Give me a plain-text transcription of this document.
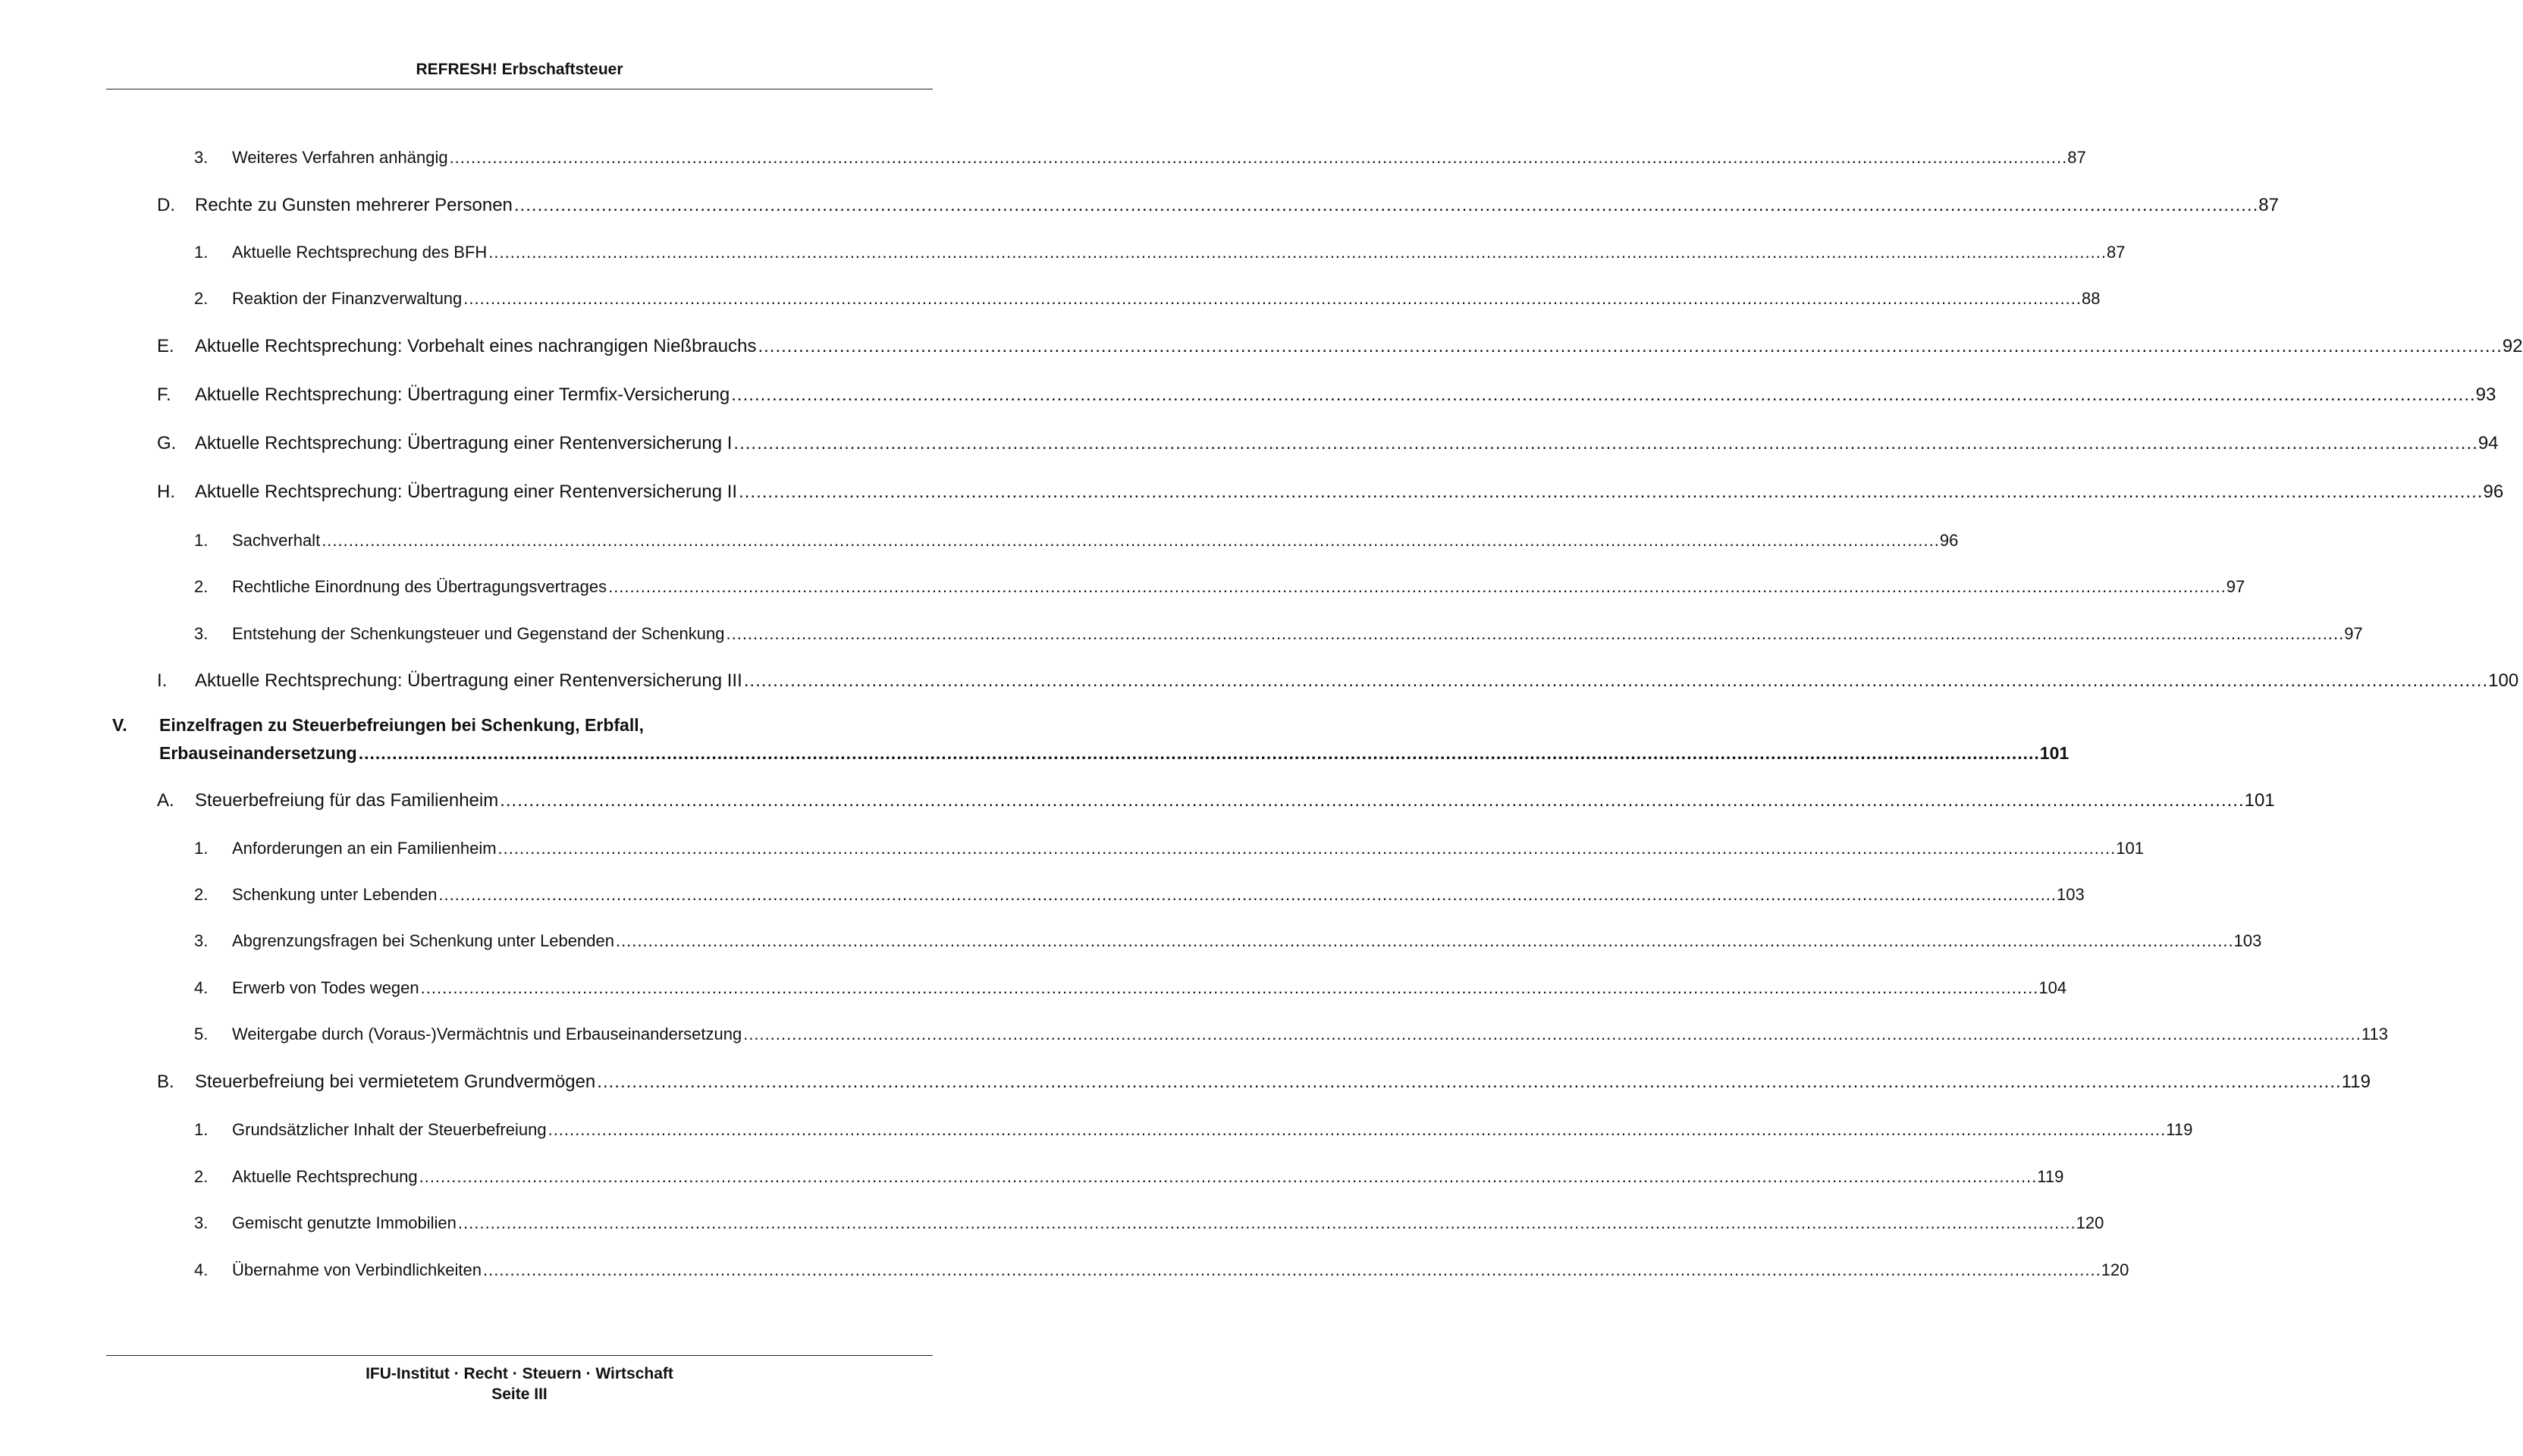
REFRESH! Erbschaftsteuer
3.	Weiteres Verfahren anhängig ............................................................................................................................................................................................................................................................................................................ 87
D.	Rechte zu Gunsten mehrerer Personen ............................................................................................................................................................................................................................................................................................................ 87
1.	Aktuelle Rechtsprechung des BFH ............................................................................................................................................................................................................................................................................................................ 87
2.	Reaktion der Finanzverwaltung ............................................................................................................................................................................................................................................................................................................ 88
E.	Aktuelle Rechtsprechung: Vorbehalt eines nachrangigen Nießbrauchs ............................................................................................................................................................................................................................................................................................................ 92
F.	Aktuelle Rechtsprechung: Übertragung einer Termfix-Versicherung ............................................................................................................................................................................................................................................................................................................ 93
G.	Aktuelle Rechtsprechung: Übertragung einer Rentenversicherung I ............................................................................................................................................................................................................................................................................................................ 94
H.	Aktuelle Rechtsprechung: Übertragung einer Rentenversicherung II ............................................................................................................................................................................................................................................................................................................ 96
1.	Sachverhalt ............................................................................................................................................................................................................................................................................................................ 96
2.	Rechtliche Einordnung des Übertragungsvertrages ............................................................................................................................................................................................................................................................................................................ 97
3.	Entstehung der Schenkungsteuer und Gegenstand der Schenkung ............................................................................................................................................................................................................................................................................................................ 97
I.	Aktuelle Rechtsprechung: Übertragung einer Rentenversicherung III ............................................................................................................................................................................................................................................................................................................ 100
V. Einzelfragen zu Steuerbefreiungen bei Schenkung, Erbfall,
Erbauseinandersetzung ............................................................................................................................................................................................................................................................................................................ 101
A.	Steuerbefreiung für das Familienheim ............................................................................................................................................................................................................................................................................................................ 101
1.	Anforderungen an ein Familienheim ............................................................................................................................................................................................................................................................................................................ 101
2.	Schenkung unter Lebenden ............................................................................................................................................................................................................................................................................................................ 103
3.	Abgrenzungsfragen bei Schenkung unter Lebenden ............................................................................................................................................................................................................................................................................................................ 103
4.	Erwerb von Todes wegen ............................................................................................................................................................................................................................................................................................................ 104
5.	Weitergabe durch (Voraus-)Vermächtnis und Erbauseinandersetzung ............................................................................................................................................................................................................................................................................................................ 113
B.	Steuerbefreiung bei vermietetem Grundvermögen ............................................................................................................................................................................................................................................................................................................ 119
1.	Grundsätzlicher Inhalt der Steuerbefreiung ............................................................................................................................................................................................................................................................................................................ 119
2.	Aktuelle Rechtsprechung ............................................................................................................................................................................................................................................................................................................ 119
3.	Gemischt genutzte Immobilien ............................................................................................................................................................................................................................................................................................................ 120
4.	Übernahme von Verbindlichkeiten ............................................................................................................................................................................................................................................................................................................ 120
IFU-Institut · Recht · Steuern · Wirtschaft
Seite III
